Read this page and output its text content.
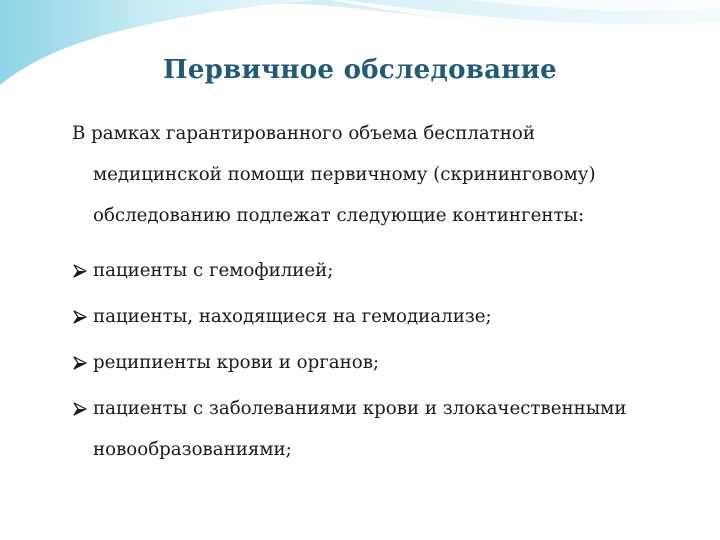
Первичное обследование

В рамках гарантированного объема бесплатной
медицинской помощи первичному (скрининговому) обследованию подлежат следующие контингенты:

пациенты с гемофилией;
пациенты, находящиеся на гемодиализе;
реципиенты крови и органов;
пациенты с заболеваниями крови и злокачественными новообразованиями;
